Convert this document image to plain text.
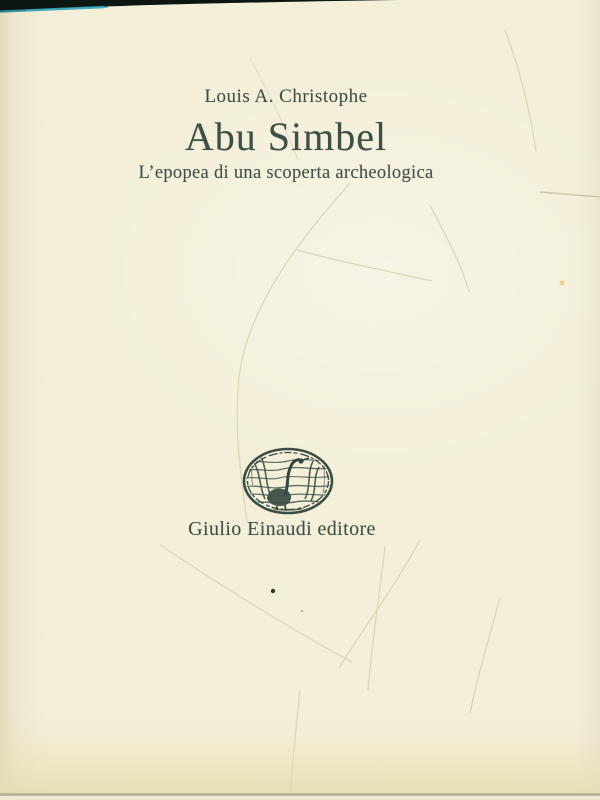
Louis A. Christophe
Abu Simbel
L’epopea di una scoperta archeologica
Giulio Einaudi editore
